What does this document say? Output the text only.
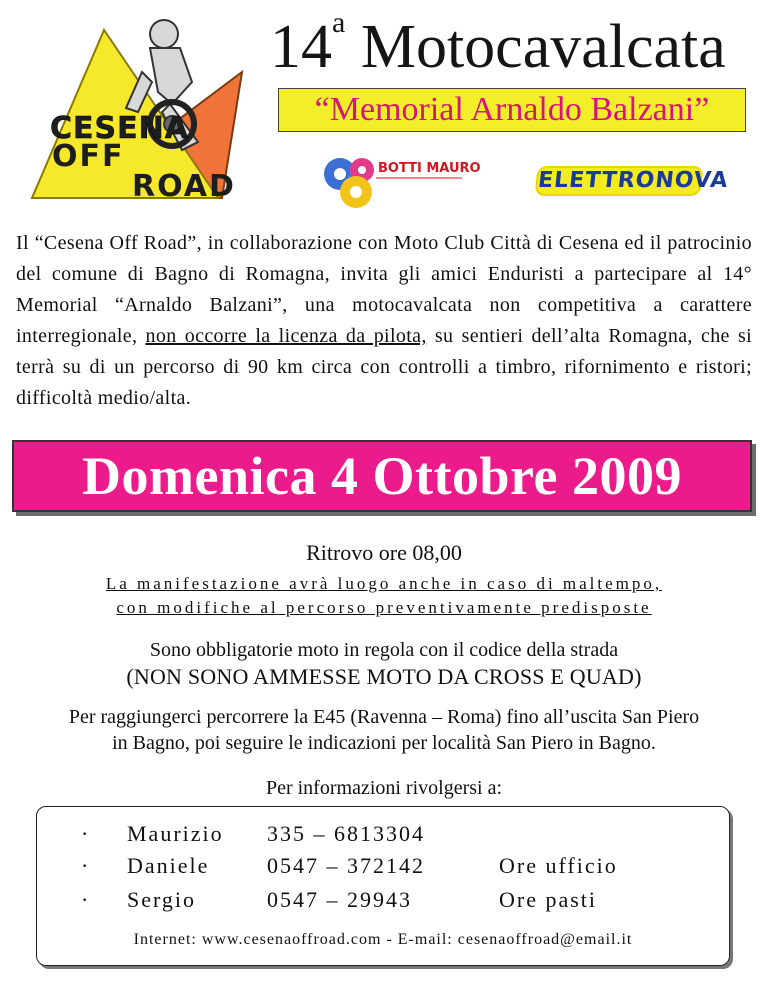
CESENA
OFF
ROAD
14$^a$ Motocavalcata
“Memorial Arnaldo Balzani”
BOTTI MAURO	ELETTRONOVA
Il “Cesena Off Road”, in collaborazione con Moto Club Città di Cesena ed il patrocinio del comune di Bagno di Romagna, invita gli amici Enduristi a partecipare al 14° Memorial “Arnaldo Balzani”, una motocavalcata non competitiva a carattere interregionale, non occorre la licenza da pilota, su sentieri dell’alta Romagna, che si terrà su di un percorso di 90 km circa con controlli a timbro, rifornimento e ristori; difficoltà medio/alta.
Domenica 4 Ottobre 2009
Ritrovo ore 08,00
La manifestazione avrà luogo anche in caso di maltempo,
con modifiche al percorso preventivamente predisposte
Sono obbligatorie moto in regola con il codice della strada
(NON SONO AMMESSE MOTO DA CROSS E QUAD)
Per raggiungerci percorrere la E45 (Ravenna – Roma) fino all’uscita San Piero
in Bagno, poi seguire le indicazioni per località San Piero in Bagno.
Per informazioni rivolgersi a:
· Maurizio 335 – 6813304
· Daniele	0547 – 372142	Ore ufficio
· Sergio	0547 – 29943	Ore pasti
Internet: www.cesenaoffroad.com - E-mail: cesenaoffroad@email.it
